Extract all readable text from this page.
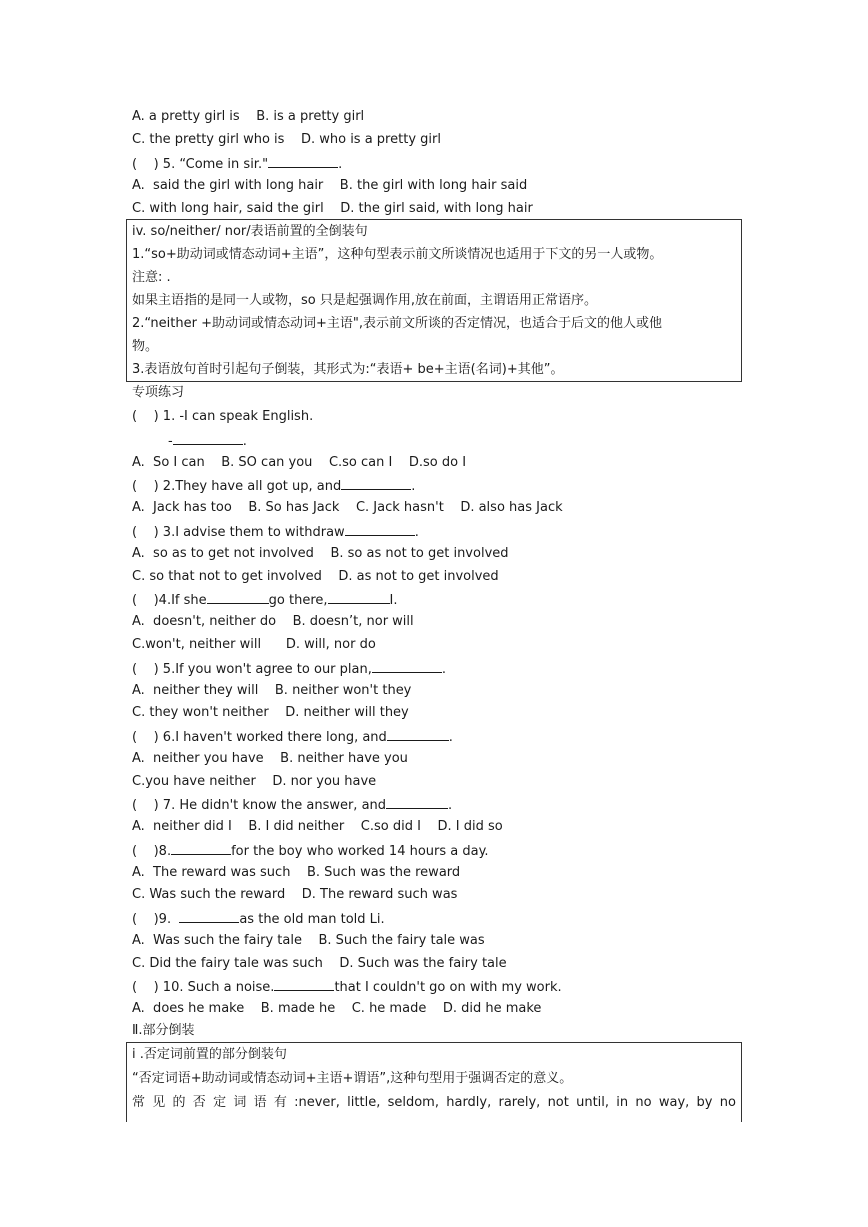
A. a pretty girl is    B. is a pretty girl
C. the pretty girl who is    D. who is a pretty girl
(    ) 5. “Come in sir."	.
A.  said the girl with long hair    B. the girl with long hair said
C. with long hair, said the girl    D. the girl said, with long hair
iv. so/neither/ nor/表语前置的全倒装句
1.“so+助动词或情态动词+主语”，这种句型表示前文所谈情况也适用于下文的另一人或物。
注意: .
如果主语指的是同一人或物，so 只是起强调作用,放在前面，主谓语用正常语序。
2.“neither +助动词或情态动词+主语",表示前文所谈的否定情况，也适合于后文的他人或他
物。
3.表语放句首时引起句子倒装，其形式为:“表语+ be+主语(名词)+其他”。
专项练习
(    ) 1. -I can speak English.
-	.
A.  So I can    B. SO can you    C.so can I    D.so do I
(    ) 2.They have all got up, and	.
A.  Jack has too    B. So has Jack    C. Jack hasn't    D. also has Jack
(    ) 3.I advise them to withdraw	.
A.  so as to get not involved    B. so as not to get involved
C. so that not to get involved    D. as not to get involved
(    )4.If she	go there,	I.
A.  doesn't, neither do    B. doesn’t, nor will
C.won't, neither will      D. will, nor do
(    ) 5.If you won't agree to our plan,	.
A.  neither they will    B. neither won't they
C. they won't neither    D. neither will they
(    ) 6.I haven't worked there long, and	.
A.  neither you have    B. neither have you
C.you have neither    D. nor you have
(    ) 7. He didn't know the answer, and	.
A.  neither did I    B. I did neither    C.so did I    D. I did so
(    )8.	for the boy who worked 14 hours a day.
A.  The reward was such    B. Such was the reward
C. Was such the reward    D. The reward such was
(    )9.	as the old man told Li.
A.  Was such the fairy tale    B. Such the fairy tale was
C. Did the fairy tale was such    D. Such was the fairy tale
(    ) 10. Such a noise.	that I couldn't go on with my work.
A.  does he make    B. made he    C. he made    D. did he make
Ⅱ.部分倒装
i .否定词前置的部分倒装句
“否定词语+助动词或情态动词+主语+谓语”,这种句型用于强调否定的意义。
常 见 的 否 定 词 语 有 :never, little, seldom, hardly, rarely, not until, in no way, by no
